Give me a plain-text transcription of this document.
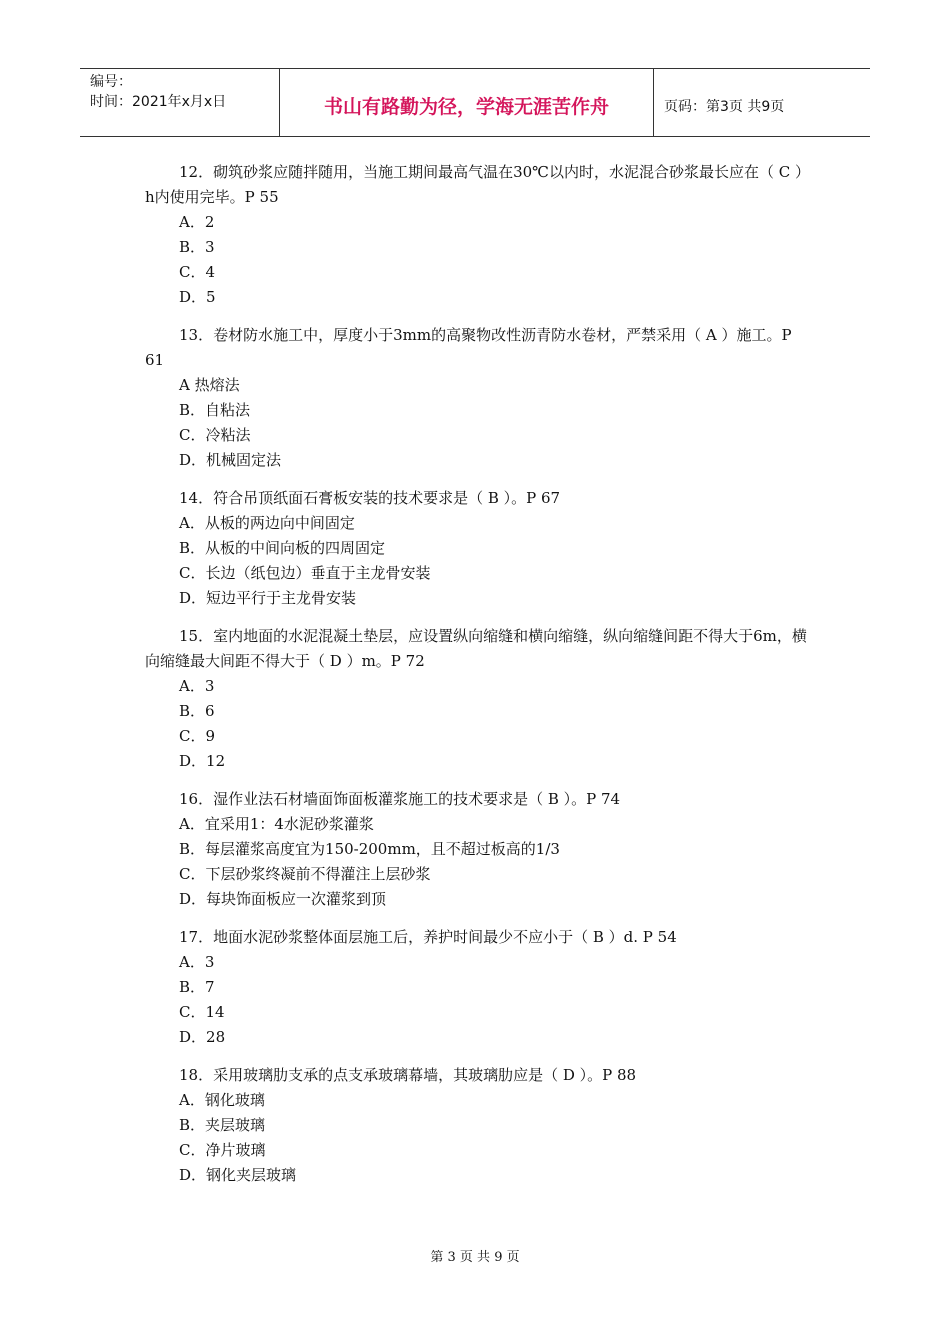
编号：
时间：2021年x月x日	书山有路勤为径，学海无涯苦作舟	页码：第3页 共9页
12．砌筑砂浆应随拌随用，当施工期间最高气温在30℃以内时，水泥混合砂浆最长应在（ C ）h内使用完毕。P 55
A．2
B．3
C．4
D．5
13．卷材防水施工中，厚度小于3mm的高聚物改性沥青防水卷材，严禁采用（ A ）施工。P 61
A 热熔法
B．自粘法
C．冷粘法
D．机械固定法
14．符合吊顶纸面石膏板安装的技术要求是（ B ）。P 67
A．从板的两边向中间固定
B．从板的中间向板的四周固定
C．长边（纸包边）垂直于主龙骨安装
D．短边平行于主龙骨安装
15．室内地面的水泥混凝土垫层，应设置纵向缩缝和横向缩缝，纵向缩缝间距不得大于6m，横向缩缝最大间距不得大于（ D ）m。P 72
A．3
B．6
C．9
D．12
16．湿作业法石材墙面饰面板灌浆施工的技术要求是（ B ）。P 74
A．宜采用1：4水泥砂浆灌浆
B．每层灌浆高度宜为150-200mm，且不超过板高的1/3
C．下层砂浆终凝前不得灌注上层砂浆
D．每块饰面板应一次灌浆到顶
17．地面水泥砂浆整体面层施工后，养护时间最少不应小于（ B ）d. P 54
A．3
B．7
C．14
D．28
18．采用玻璃肋支承的点支承玻璃幕墙，其玻璃肋应是（ D ）。P 88
A．钢化玻璃
B．夹层玻璃
C．净片玻璃
D．钢化夹层玻璃
第 3 页 共 9 页
